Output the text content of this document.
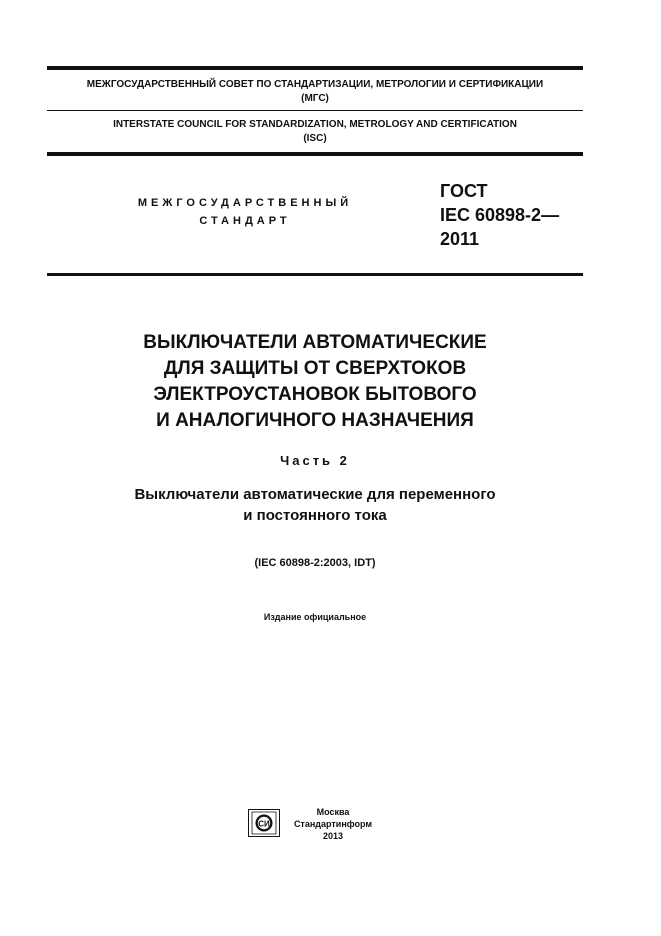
МЕЖГОСУДАРСТВЕННЫЙ СОВЕТ ПО СТАНДАРТИЗАЦИИ, МЕТРОЛОГИИ И СЕРТИФИКАЦИИ
(МГС)
INTERSTATE COUNCIL FOR STANDARDIZATION, METROLOGY AND CERTIFICATION
(ISC)
МЕЖГОСУДАРСТВЕННЫЙ
СТАНДАРТ
ГОСТ
IEC 60898-2—
2011
ВЫКЛЮЧАТЕЛИ АВТОМАТИЧЕСКИЕ
ДЛЯ ЗАЩИТЫ ОТ СВЕРХТОКОВ
ЭЛЕКТРОУСТАНОВОК БЫТОВОГО
И АНАЛОГИЧНОГО НАЗНАЧЕНИЯ
Часть 2
Выключатели автоматические для переменного
и постоянного тока
(IEC 60898-2:2003, IDT)
Издание официальное
СИ
Москва
Стандартинформ
2013
